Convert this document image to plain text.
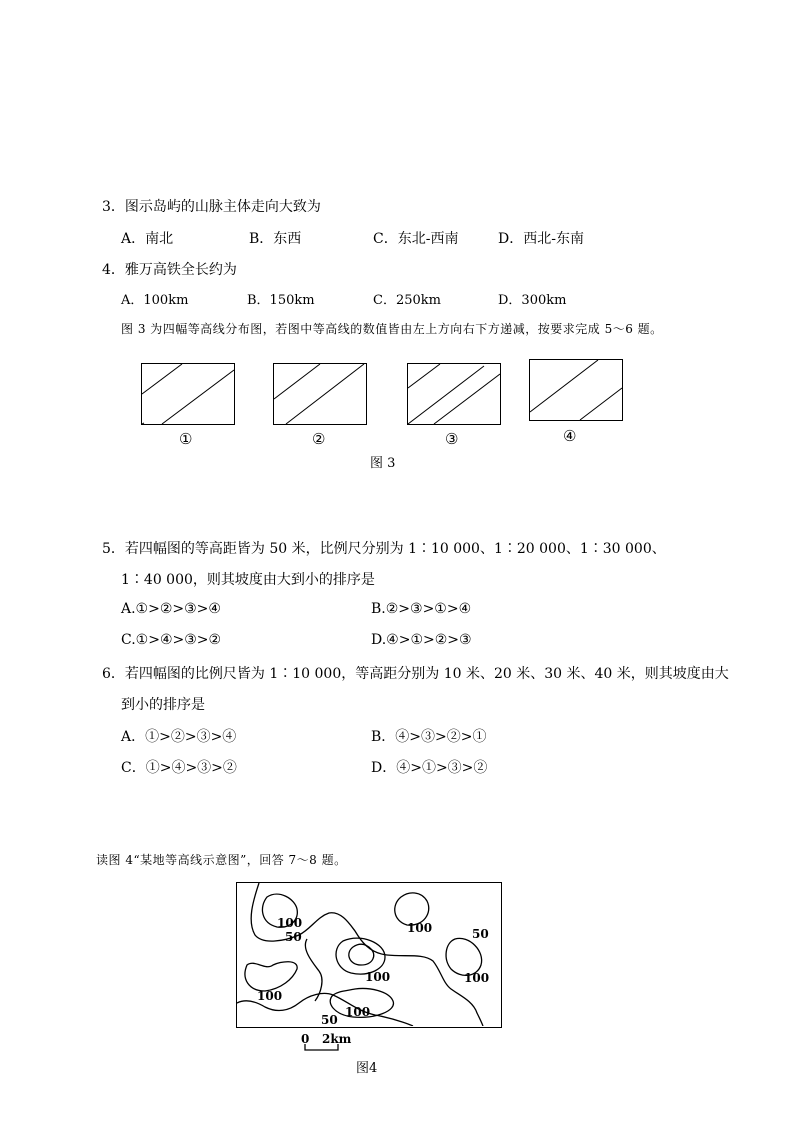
3．图示岛屿的山脉主体走向大致为
A．南北	B．东西	C．东北-西南	D．西北-东南
4．雅万高铁全长约为
A．100km	B．150km	C．250km	D．300km
图 3 为四幅等高线分布图，若图中等高线的数值皆由左上方向右下方递减，按要求完成 5～6 题。
①	②	③	④
图 3
5．若四幅图的等高距皆为 50 米，比例尺分别为 1∶10 000、1∶20 000、1∶30 000、
1∶40 000，则其坡度由大到小的排序是
A.①>②>③>④	B.②>③>①>④
C.①>④>③>②	D.④>①>②>③
6．若四幅图的比例尺皆为 1∶10 000，等高距分别为 10 米、20 米、30 米、40 米，则其坡度由大
到小的排序是
A．①>②>③>④	B．④>③>②>①
C．①>④>③>②	D．④>①>③>②
读图 4“某地等高线示意图”，回答 7～8 题。
100
50
100	50
100	100
100
50
100
0 2km
图4
